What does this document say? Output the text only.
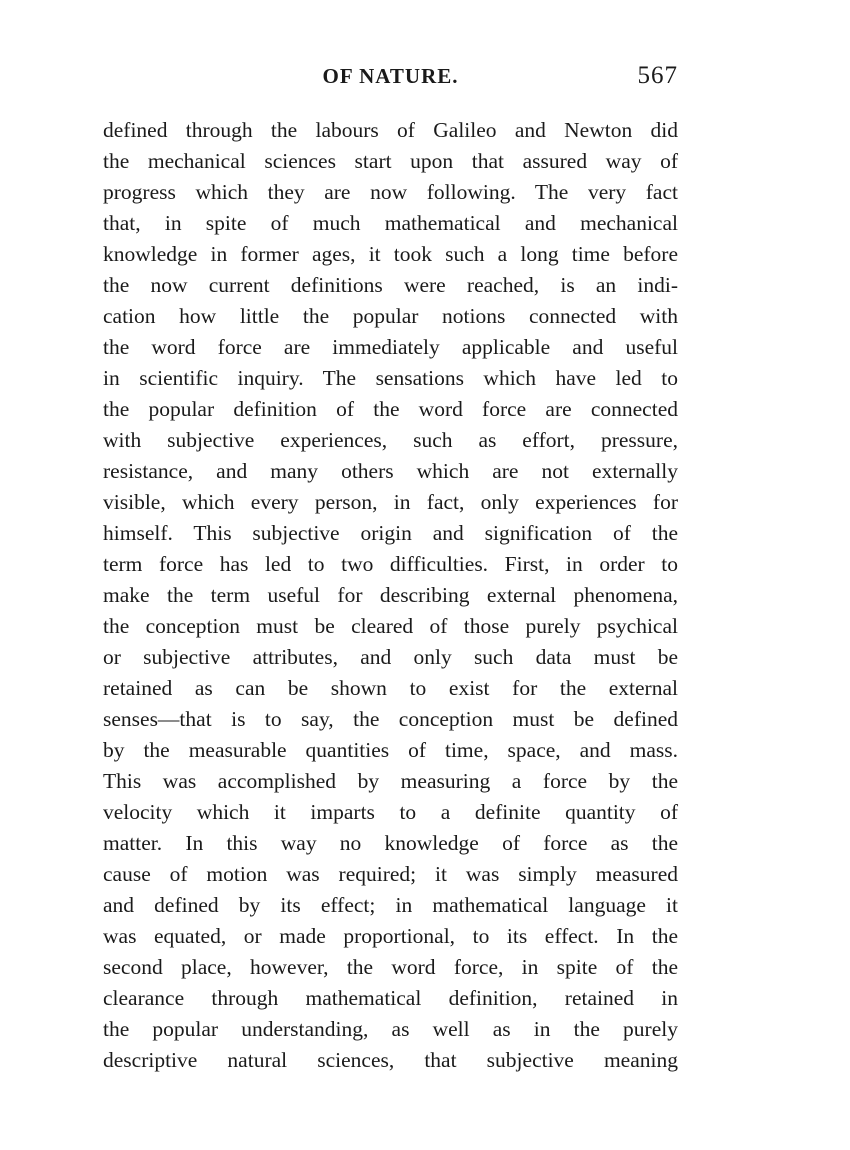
OF NATURE.	567
defined through the labours of Galileo and Newton did
the mechanical sciences start upon that assured way of
progress which they are now following. The very fact
that, in spite of much mathematical and mechanical
knowledge in former ages, it took such a long time before
the now current definitions were reached, is an indi-
cation how little the popular notions connected with
the word force are immediately applicable and useful
in scientific inquiry. The sensations which have led to
the popular definition of the word force are connected
with subjective experiences, such as effort, pressure,
resistance, and many others which are not externally
visible, which every person, in fact, only experiences for
himself. This subjective origin and signification of the
term force has led to two difficulties. First, in order to
make the term useful for describing external phenomena,
the conception must be cleared of those purely psychical
or subjective attributes, and only such data must be
retained as can be shown to exist for the external
senses—that is to say, the conception must be defined
by the measurable quantities of time, space, and mass.
This was accomplished by measuring a force by the
velocity which it imparts to a definite quantity of
matter. In this way no knowledge of force as the
cause of motion was required; it was simply measured
and defined by its effect; in mathematical language it
was equated, or made proportional, to its effect. In the
second place, however, the word force, in spite of the
clearance through mathematical definition, retained in
the popular understanding, as well as in the purely
descriptive natural sciences, that subjective meaning
